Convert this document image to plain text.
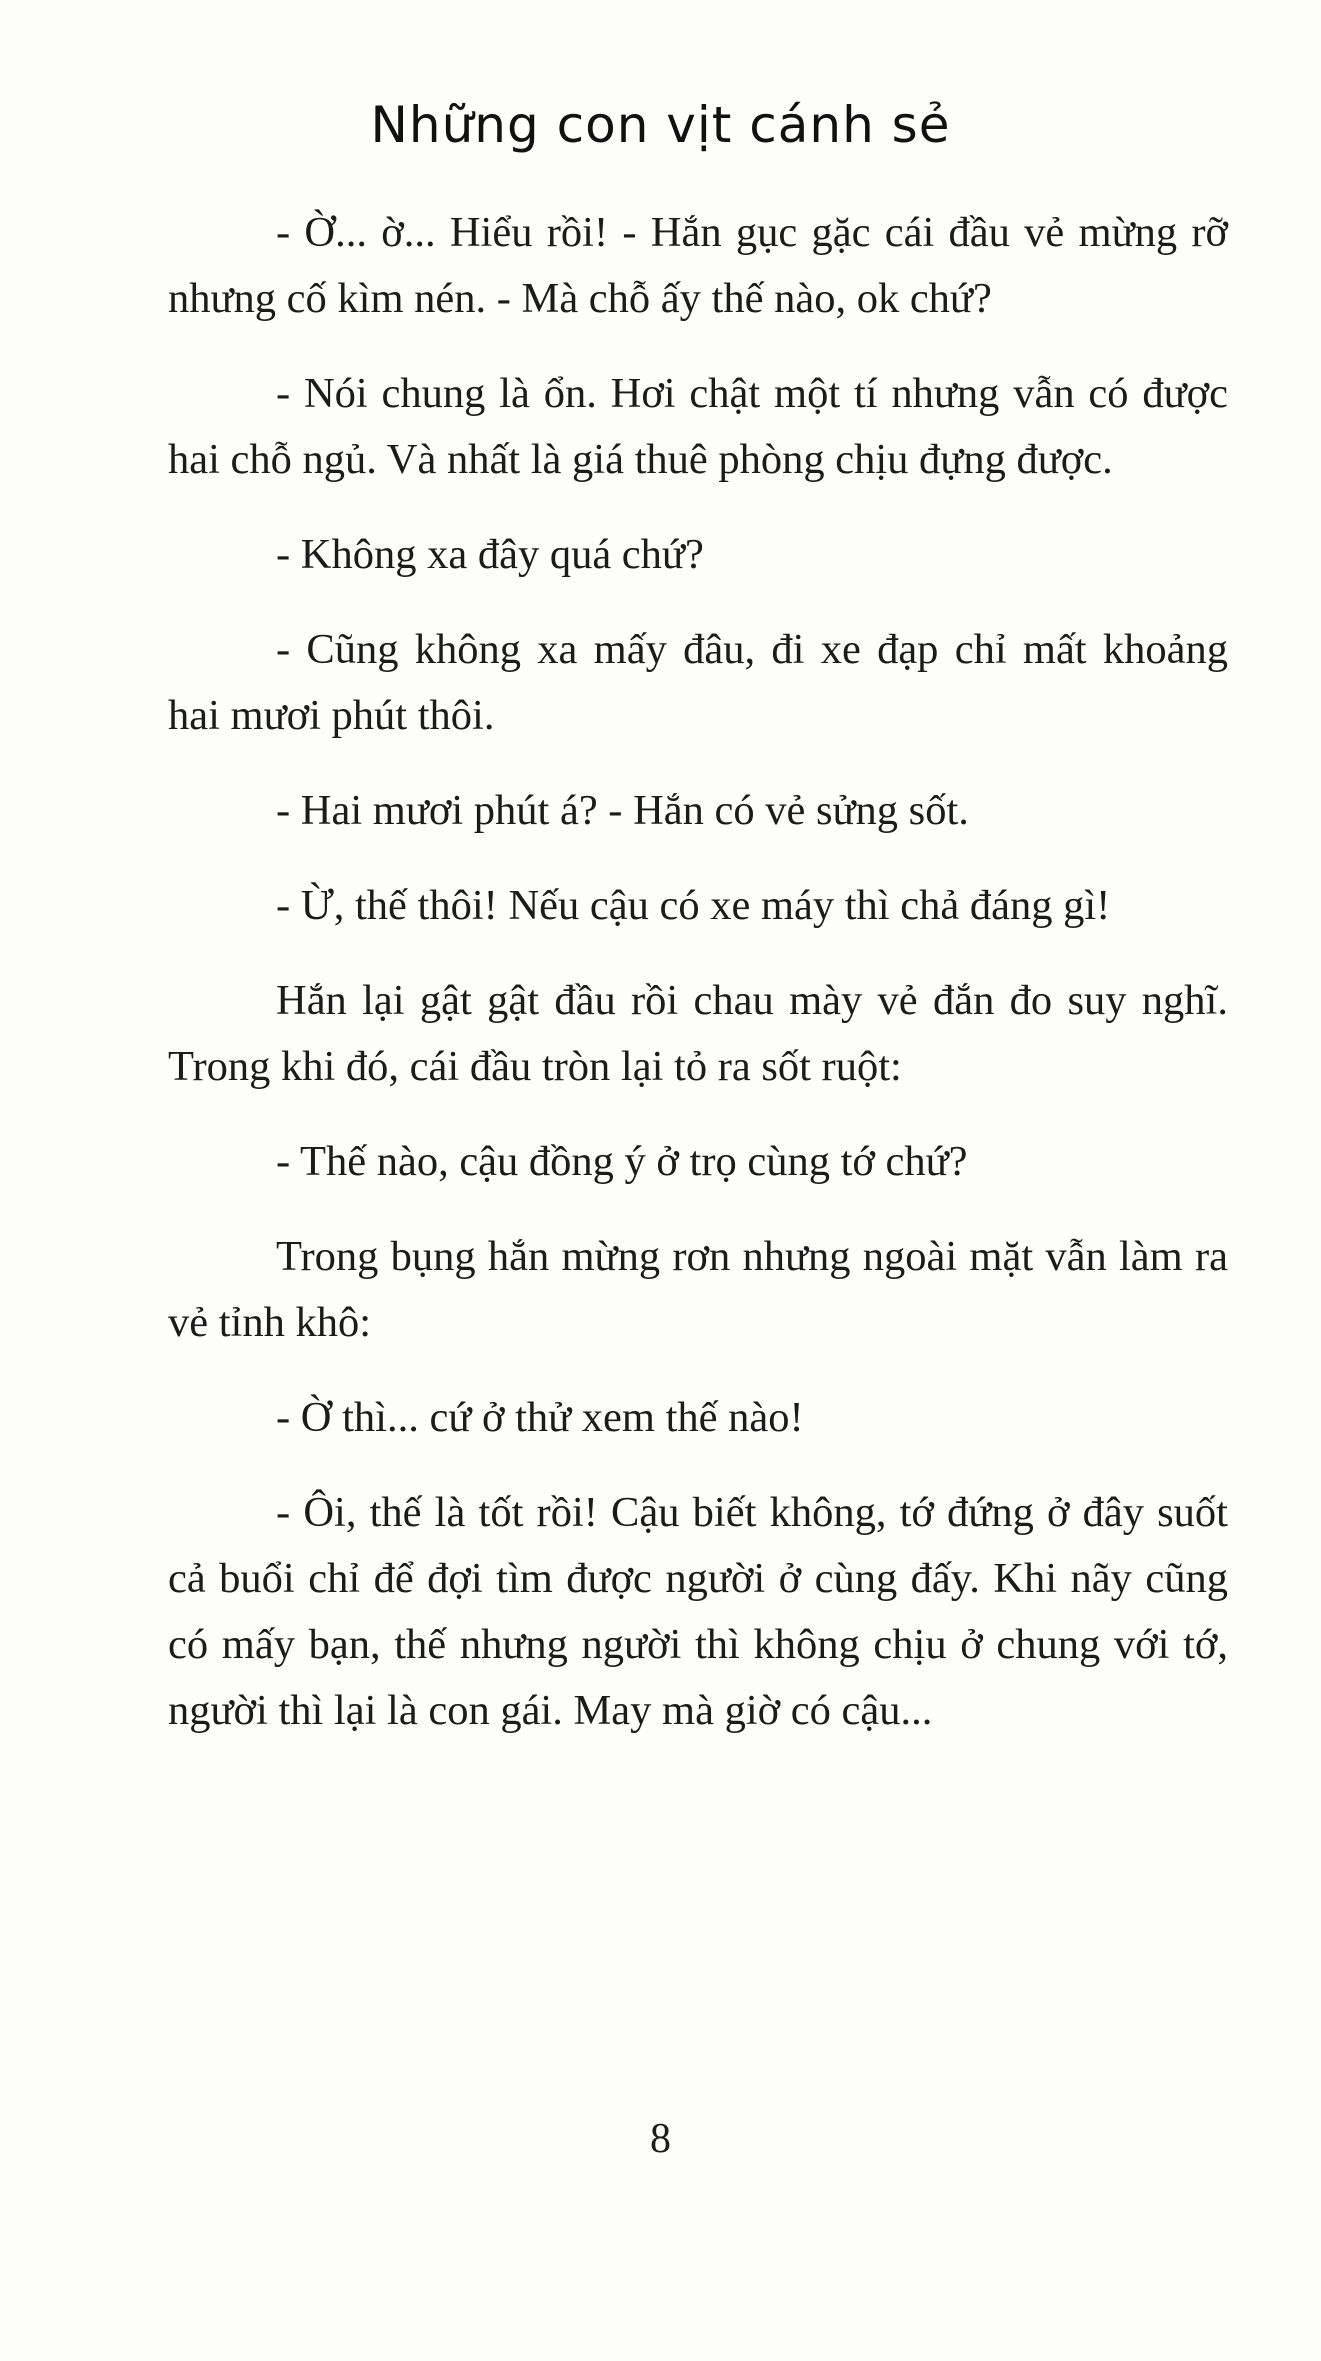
Những con vịt cánh sẻ

- Ờ... ờ... Hiểu rồi! - Hắn gục gặc cái đầu vẻ mừng rỡ nhưng cố kìm nén. - Mà chỗ ấy thế nào, ok chứ?

- Nói chung là ổn. Hơi chật một tí nhưng vẫn có được hai chỗ ngủ. Và nhất là giá thuê phòng chịu đựng được.

- Không xa đây quá chứ?

- Cũng không xa mấy đâu, đi xe đạp chỉ mất khoảng hai mươi phút thôi.

- Hai mươi phút á? - Hắn có vẻ sửng sốt.

- Ừ, thế thôi! Nếu cậu có xe máy thì chả đáng gì!

Hắn lại gật gật đầu rồi chau mày vẻ đắn đo suy nghĩ. Trong khi đó, cái đầu tròn lại tỏ ra sốt ruột:

- Thế nào, cậu đồng ý ở trọ cùng tớ chứ?

Trong bụng hắn mừng rơn nhưng ngoài mặt vẫn làm ra vẻ tỉnh khô:

- Ờ thì... cứ ở thử xem thế nào!

- Ôi, thế là tốt rồi! Cậu biết không, tớ đứng ở đây suốt cả buổi chỉ để đợi tìm được người ở cùng đấy. Khi nãy cũng có mấy bạn, thế nhưng người thì không chịu ở chung với tớ, người thì lại là con gái. May mà giờ có cậu...

8
